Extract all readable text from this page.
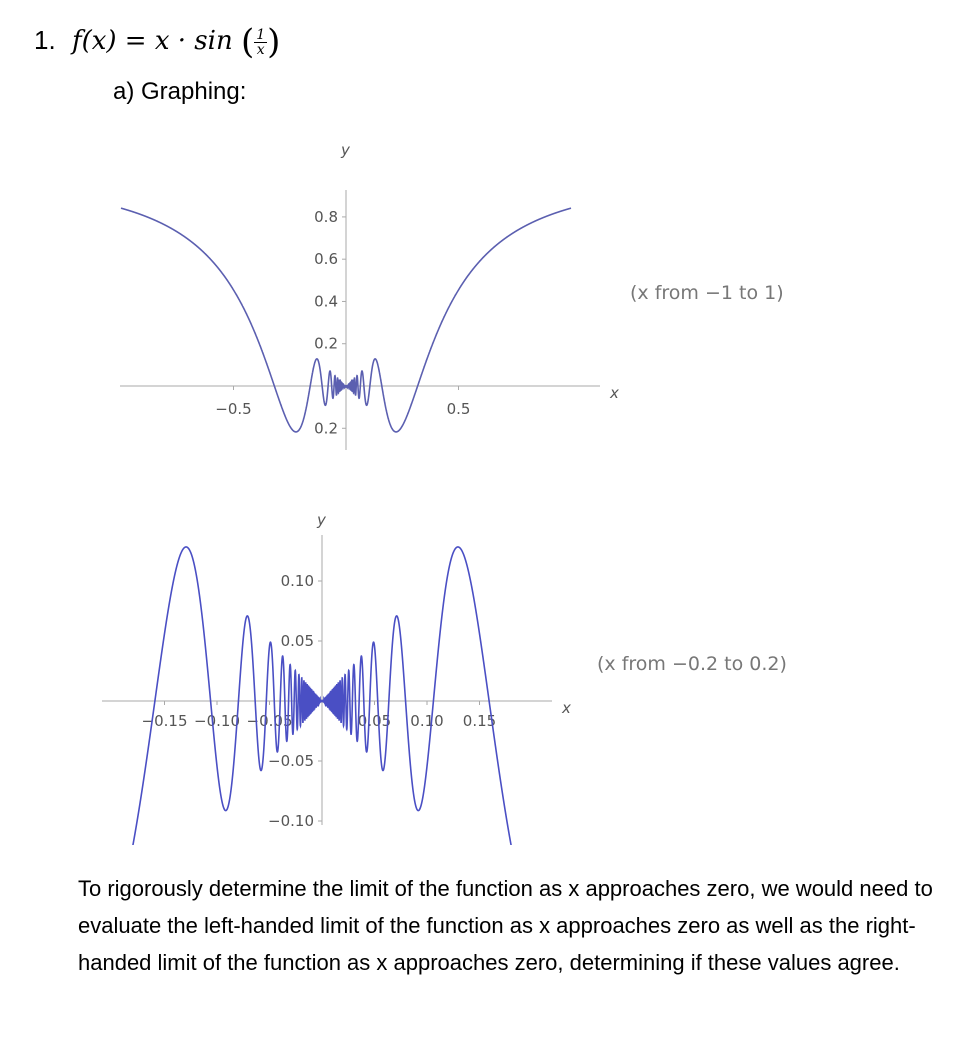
1. f(x) = x · sin ( $\frac{1}{x}$ )
a) Graphing:
x
y
0.8
0.6
0.4
0.2
0.2
−0.5	0.5
(x from −1 to 1)
x
y
0.10
0.05
−0.05
−0.10
−0.15 −0.10 −0.05	0.05 0.10 0.15
(x from −0.2 to 0.2)
To rigorously determine the limit of the function as x approaches zero, we would need to evaluate the left-handed limit of the function as x approaches zero as well as the right-handed limit of the function as x approaches zero, determining if these values agree.
